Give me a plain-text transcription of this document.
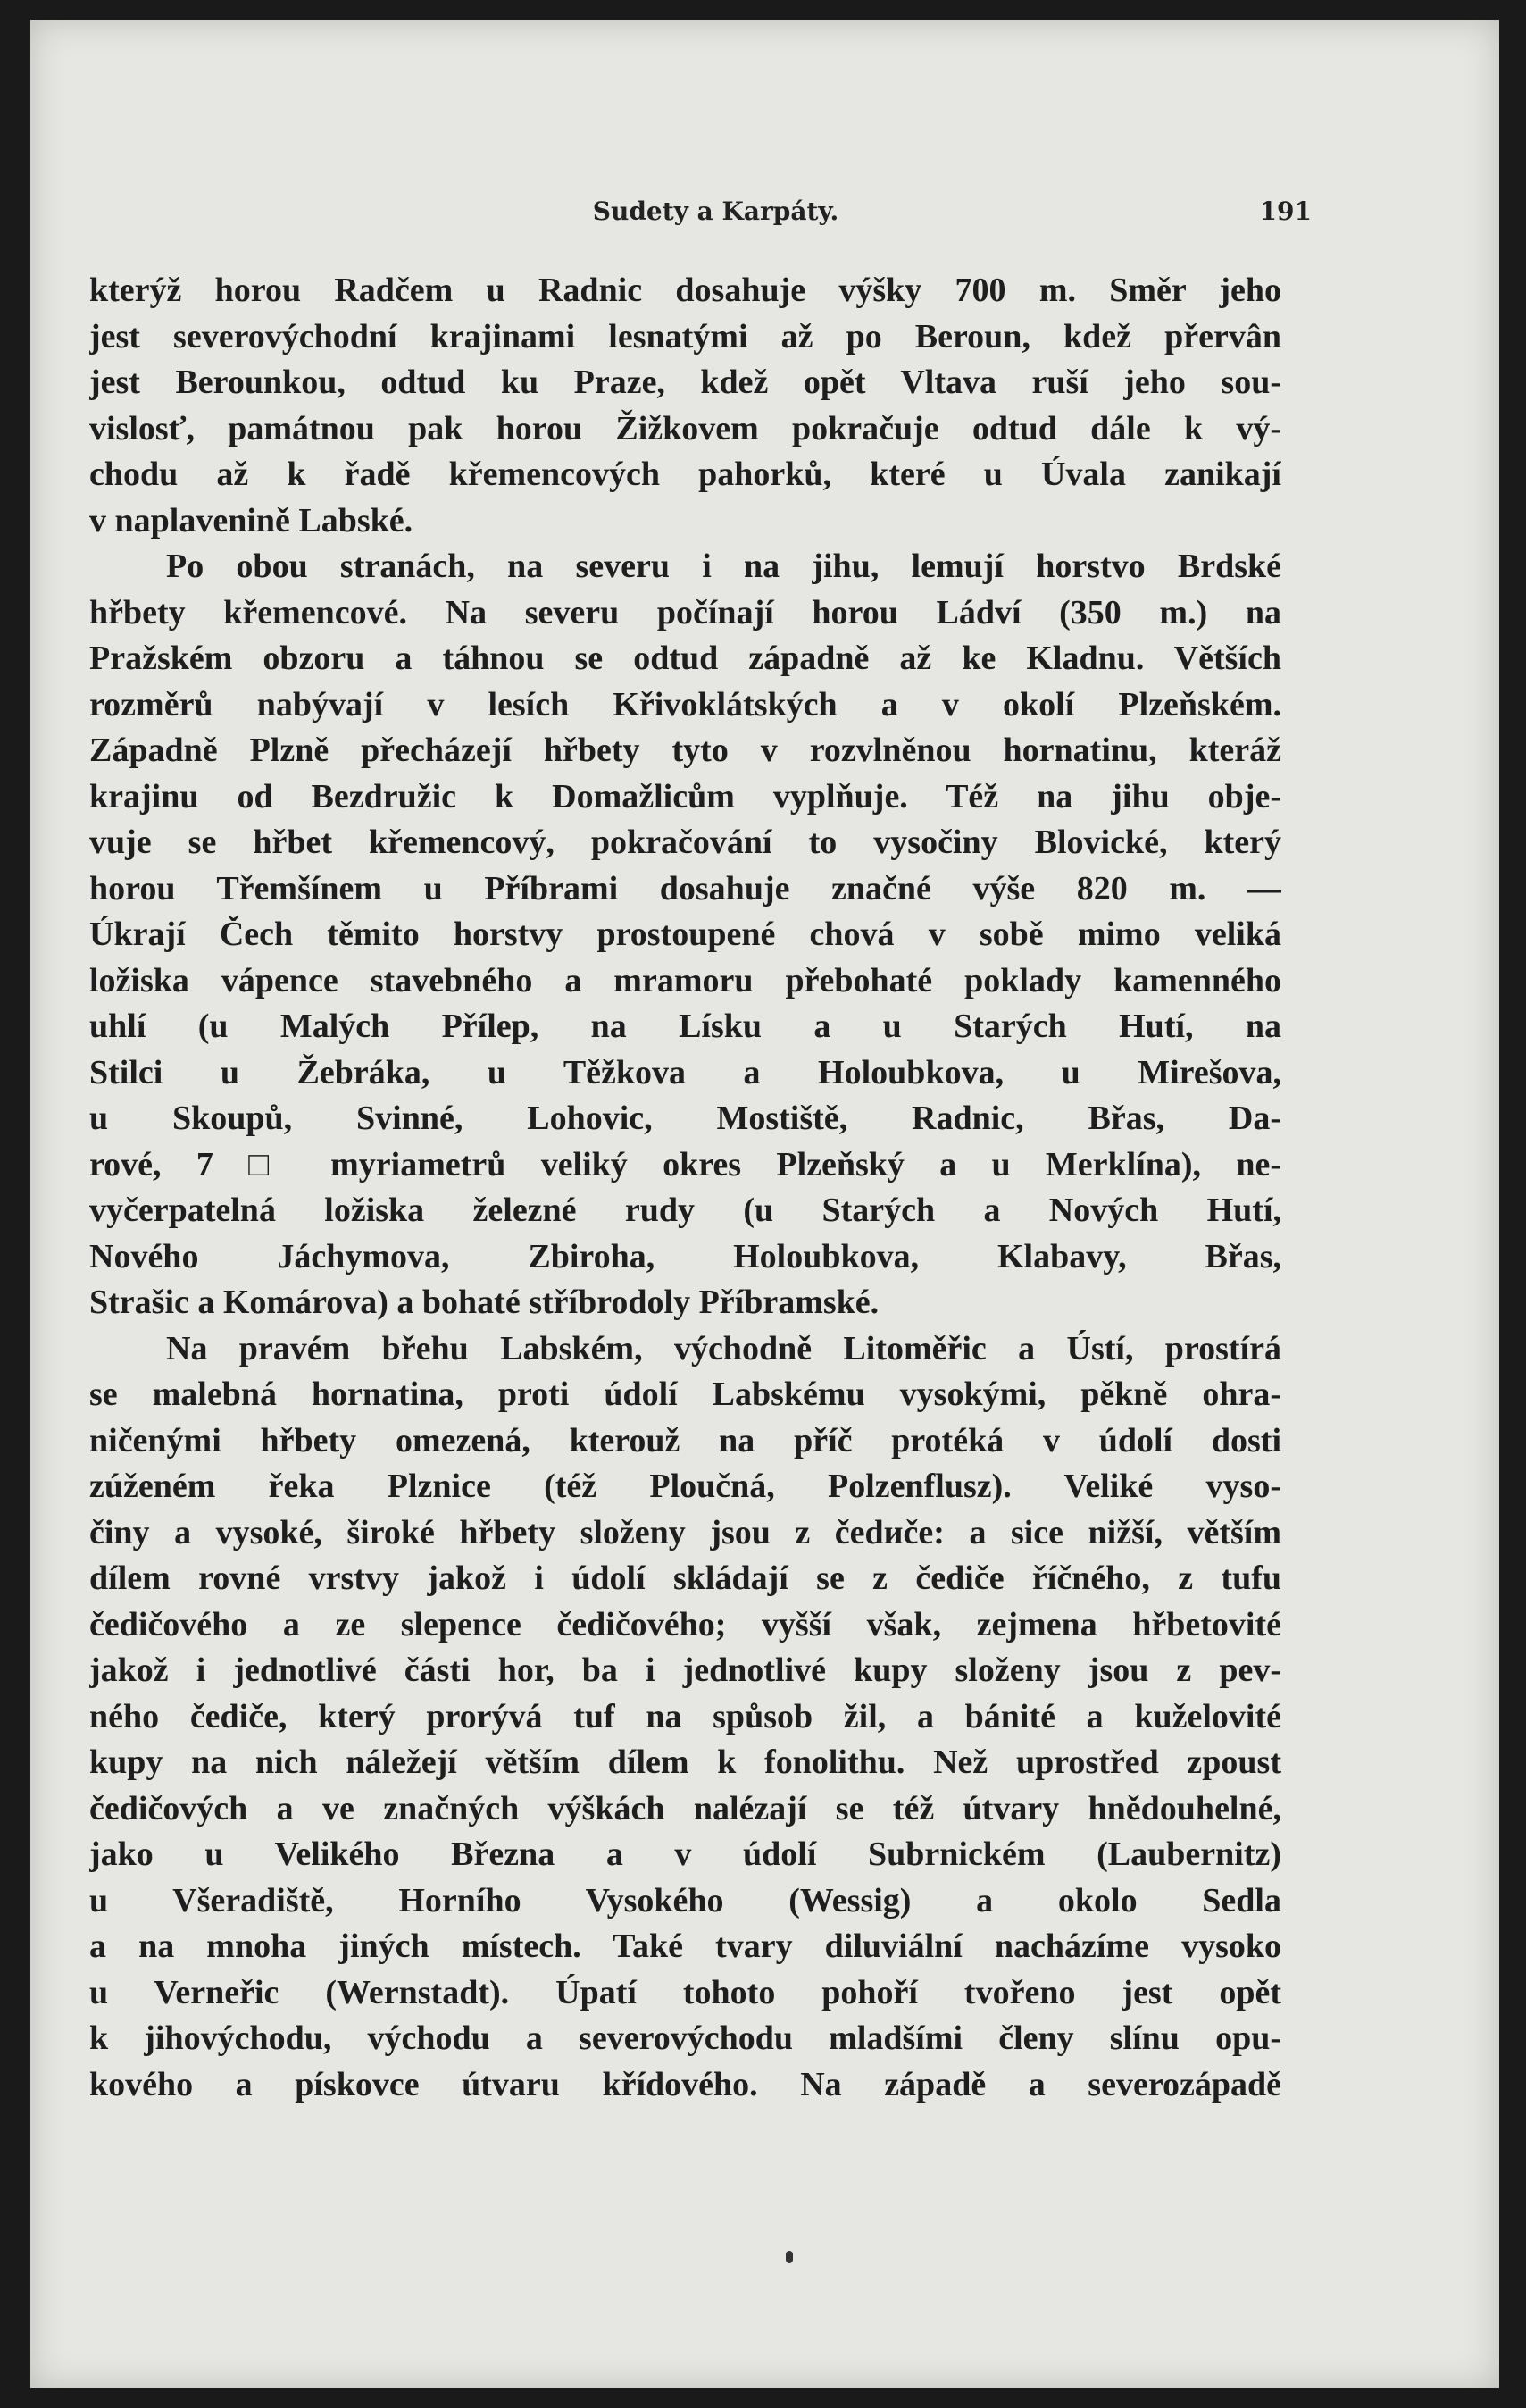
Sudety a Karpáty.	191
kterýž horou Radčem u Radnic dosahuje výšky 700 m. Směr jeho
jest severovýchodní krajinami lesnatými až po Beroun, kdež přervân
jest Berounkou, odtud ku Praze, kdež opět Vltava ruší jeho sou-
vislosť, památnou pak horou Žižkovem pokračuje odtud dále k vý-
chodu až k řadě křemencových pahorků, které u Úvala zanikají
v naplavenině Labské.
Po obou stranách, na severu i na jihu, lemují horstvo Brdské
hřbety křemencové. Na severu počínají horou Ládví (350 m.) na
Pražském obzoru a táhnou se odtud západně až ke Kladnu. Větších
rozměrů nabývají v lesích Křivoklátských a v okolí Plzeňském.
Západně Plzně přecházejí hřbety tyto v rozvlněnou hornatinu, kteráž
krajinu od Bezdružic k Domažlicům vyplňuje. Též na jihu obje-
vuje se hřbet křemencový, pokračování to vysočiny Blovické, který
horou Třemšínem u Příbrami dosahuje značné výše 820 m. —
Úkrají Čech těmito horstvy prostoupené chová v sobě mimo veliká
ložiska vápence stavebného a mramoru přebohaté poklady kamenného
uhlí (u Malých Přílep, na Lísku a u Starých Hutí, na
Stilci u Žebráka, u Těžkova a Holoubkova, u Mirešova,
u Skoupů, Svinné, Lohovic, Mostiště, Radnic, Břas, Da-
rové, 7 □ myriametrů veliký okres Plzeňský a u Merklína), ne-
vyčerpatelná ložiska železné rudy (u Starých a Nových Hutí,
Nového Jáchymova, Zbiroha, Holoubkova, Klabavy, Břas,
Strašic a Komárova) a bohaté stříbrodoly Příbramské.
Na pravém břehu Labském, východně Litoměřic a Ústí, prostírá
se malebná hornatina, proti údolí Labskému vysokými, pěkně ohra-
ničenými hřbety omezená, kterouž na příč protéká v údolí dosti
zúženém řeka Plznice (též Ploučná, Polzenflusz). Veliké vyso-
činy a vysoké, široké hřbety složeny jsou z čedиče: a sice nižší, větším
dílem rovné vrstvy jakož i údolí skládají se z čediče říčného, z tufu
čedičového a ze slepence čedičového; vyšší však, zejmena hřbetovité
jakož i jednotlivé části hor, ba i jednotlivé kupy složeny jsou z pev-
ného čediče, který prorývá tuf na spůsob žil, a bánité a kuželovité
kupy na nich náležejí větším dílem k fonolithu. Než uprostřed zpoust
čedičových a ve značných výškách nalézají se též útvary hnědouhelné,
jako u Velikého Března a v údolí Subrnickém (Laubernitz)
u Všeradiště, Horního Vysokého (Wessig) a okolo Sedla
a na mnoha jiných místech. Také tvary diluviální nacházíme vysoko
u Verneřic (Wernstadt). Úpatí tohoto pohoří tvořeno jest opět
k jihovýchodu, východu a severovýchodu mladšími členy slínu opu-
kového a pískovce útvaru křídového. Na západě a severozápadě
